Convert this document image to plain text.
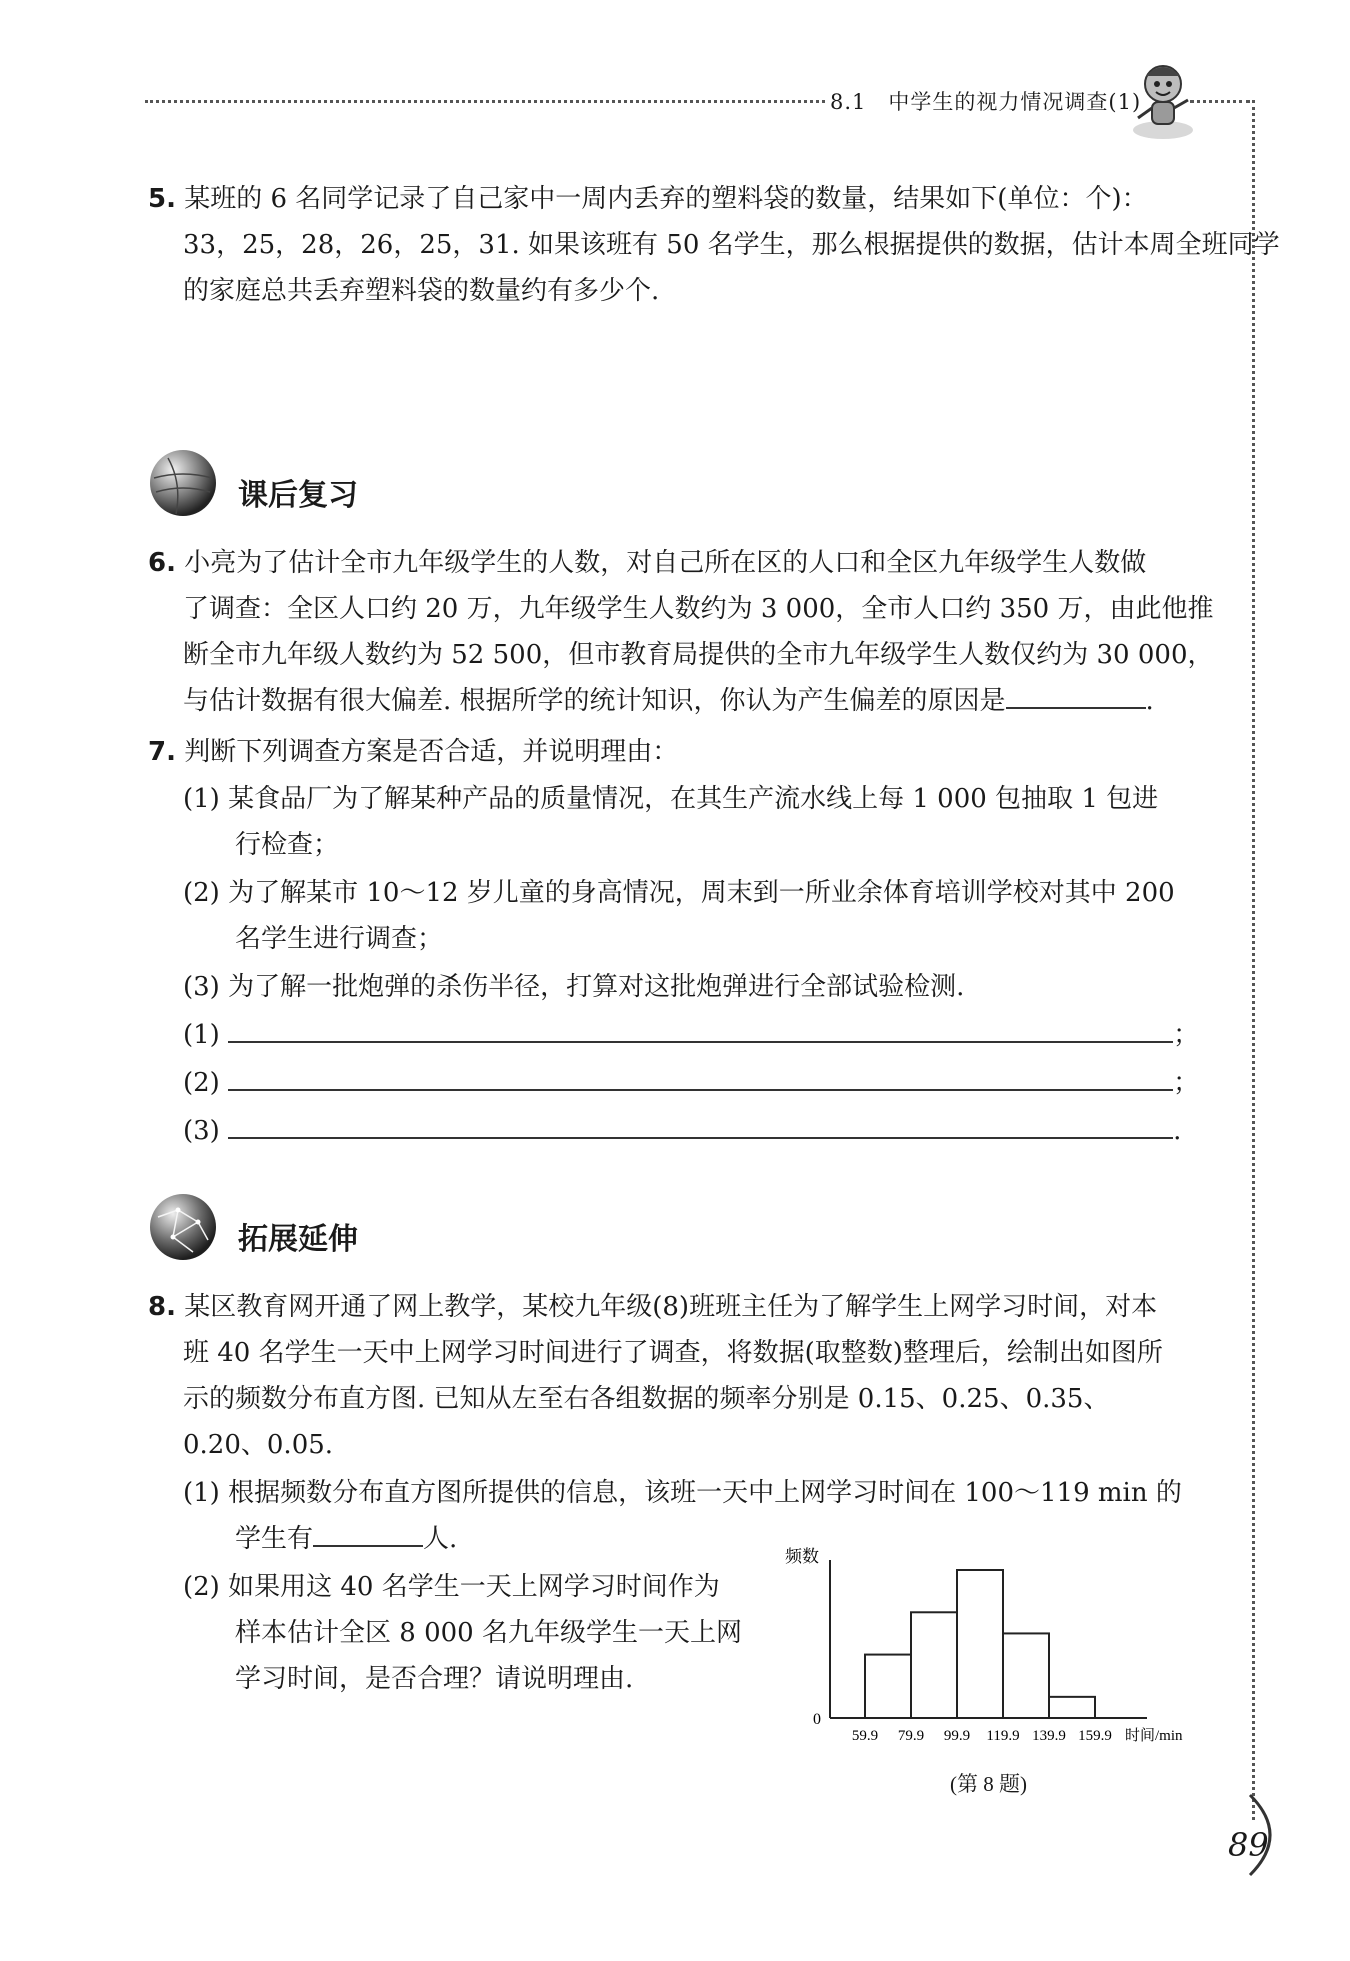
8.1　中学生的视力情况调查(1)
5. 某班的 6 名同学记录了自己家中一周内丢弃的塑料袋的数量，结果如下(单位：个)：
33，25，28，26，25，31. 如果该班有 50 名学生，那么根据提供的数据，估计本周全班同学
的家庭总共丢弃塑料袋的数量约有多少个.
课后复习
6. 小亮为了估计全市九年级学生的人数，对自己所在区的人口和全区九年级学生人数做
了调查：全区人口约 20 万，九年级学生人数约为 3 000，全市人口约 350 万，由此他推
断全市九年级人数约为 52 500，但市教育局提供的全市九年级学生人数仅约为 30 000，
与估计数据有很大偏差. 根据所学的统计知识，你认为产生偏差的原因是	.
7. 判断下列调查方案是否合适，并说明理由：
(1) 某食品厂为了解某种产品的质量情况，在其生产流水线上每 1 000 包抽取 1 包进
行检查；
(2) 为了解某市 10～12 岁儿童的身高情况，周末到一所业余体育培训学校对其中 200
名学生进行调查；
(3) 为了解一批炮弹的杀伤半径，打算对这批炮弹进行全部试验检测.
(1)	；
(2)	；
(3)	.
拓展延伸
8. 某区教育网开通了网上教学，某校九年级(8)班班主任为了解学生上网学习时间，对本
班 40 名学生一天中上网学习时间进行了调查，将数据(取整数)整理后，绘制出如图所
示的频数分布直方图. 已知从左至右各组数据的频率分别是 0.15、0.25、0.35、
0.20、0.05.
(1) 根据频数分布直方图所提供的信息，该班一天中上网学习时间在 100～119 min 的
学生有	人.
(2) 如果用这 40 名学生一天上网学习时间作为
样本估计全区 8 000 名九年级学生一天上网
学习时间，是否合理？请说明理由.
频数
0
59.9 79.9 99.9 119.9 139.9 159.9 时间/min
(第 8 题)
89
